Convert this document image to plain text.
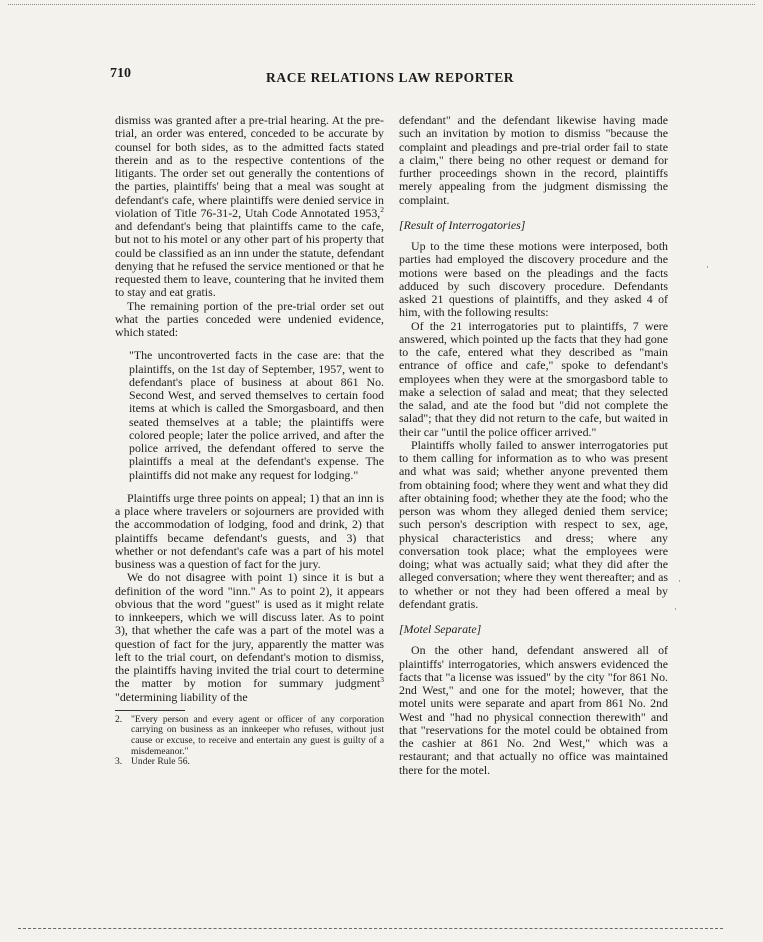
710	RACE RELATIONS LAW REPORTER

dismiss was granted after a pre-trial hearing. At the pre-trial, an order was entered, conceded to be accurate by counsel for both sides, as to the admitted facts stated therein and as to the respective contentions of the litigants. The order set out generally the contentions of the parties, plaintiffs' being that a meal was sought at defendant's cafe, where plaintiffs were denied service in violation of Title 76-31-2, Utah Code Annotated 1953,$^2$ and defendant's being that plaintiffs came to the cafe, but not to his motel or any other part of his property that could be classified as an inn under the statute, defendant denying that he refused the service mentioned or that he requested them to leave, countering that he invited them to stay and eat gratis.

The remaining portion of the pre-trial order set out what the parties conceded were undenied evidence, which stated:

"The uncontroverted facts in the case are: that the plaintiffs, on the 1st day of September, 1957, went to defendant's place of business at about 861 No. Second West, and served themselves to certain food items at which is called the Smorgasboard, and then seated themselves at a table; the plaintiffs were colored people; later the police arrived, and after the police arrived, the defendant offered to serve the plaintiffs a meal at the defendant's expense. The plaintiffs did not make any request for lodging."

Plaintiffs urge three points on appeal; 1) that an inn is a place where travelers or sojourners are provided with the accommodation of lodging, food and drink, 2) that plaintiffs became defendant's guests, and 3) that whether or not defendant's cafe was a part of his motel business was a question of fact for the jury.

We do not disagree with point 1) since it is but a definition of the word "inn." As to point 2), it appears obvious that the word "guest" is used as it might relate to innkeepers, which we will discuss later. As to point 3), that whether the cafe was a part of the motel was a question of fact for the jury, apparently the matter was left to the trial court, on defendant's motion to dismiss, the plaintiffs having invited the trial court to determine the matter by motion for summary judgment$^3$ "determining liability of the

2. "Every person and every agent or officer of any corporation carrying on business as an innkeeper who refuses, without just cause or excuse, to receive and entertain any guest is guilty of a misdemeanor."

3. Under Rule 56.

defendant" and the defendant likewise having made such an invitation by motion to dismiss "because the complaint and pleadings and pre-trial order fail to state a claim," there being no other request or demand for further proceedings shown in the record, plaintiffs merely appealing from the judgment dismissing the complaint.

[Result of Interrogatories]

Up to the time these motions were interposed, both parties had employed the discovery procedure and the motions were based on the pleadings and the facts adduced by such discovery procedure. Defendants asked 21 questions of plaintiffs, and they asked 4 of him, with the following results:

Of the 21 interrogatories put to plaintiffs, 7 were answered, which pointed up the facts that they had gone to the cafe, entered what they described as "main entrance of office and cafe," spoke to defendant's employees when they were at the smorgasbord table to make a selection of salad and meat; that they selected the salad, and ate the food but "did not complete the salad"; that they did not return to the cafe, but waited in their car "until the police officer arrived."

Plaintiffs wholly failed to answer interrogatories put to them calling for information as to who was present and what was said; whether anyone prevented them from obtaining food; where they went and what they did after obtaining food; whether they ate the food; who the person was whom they alleged denied them service; such person's description with respect to sex, age, physical characteristics and dress; where any conversation took place; what the employees were doing; what was actually said; what they did after the alleged conversation; where they went thereafter; and as to whether or not they had been offered a meal by defendant gratis.

[Motel Separate]

On the other hand, defendant answered all of plaintiffs' interrogatories, which answers evidenced the facts that "a license was issued" by the city "for 861 No. 2nd West," and one for the motel; however, that the motel units were separate and apart from 861 No. 2nd West and "had no physical connection therewith" and that "reservations for the motel could be obtained from the cashier at 861 No. 2nd West," which was a restaurant; and that actually no office was maintained there for the motel.

·
·
·
